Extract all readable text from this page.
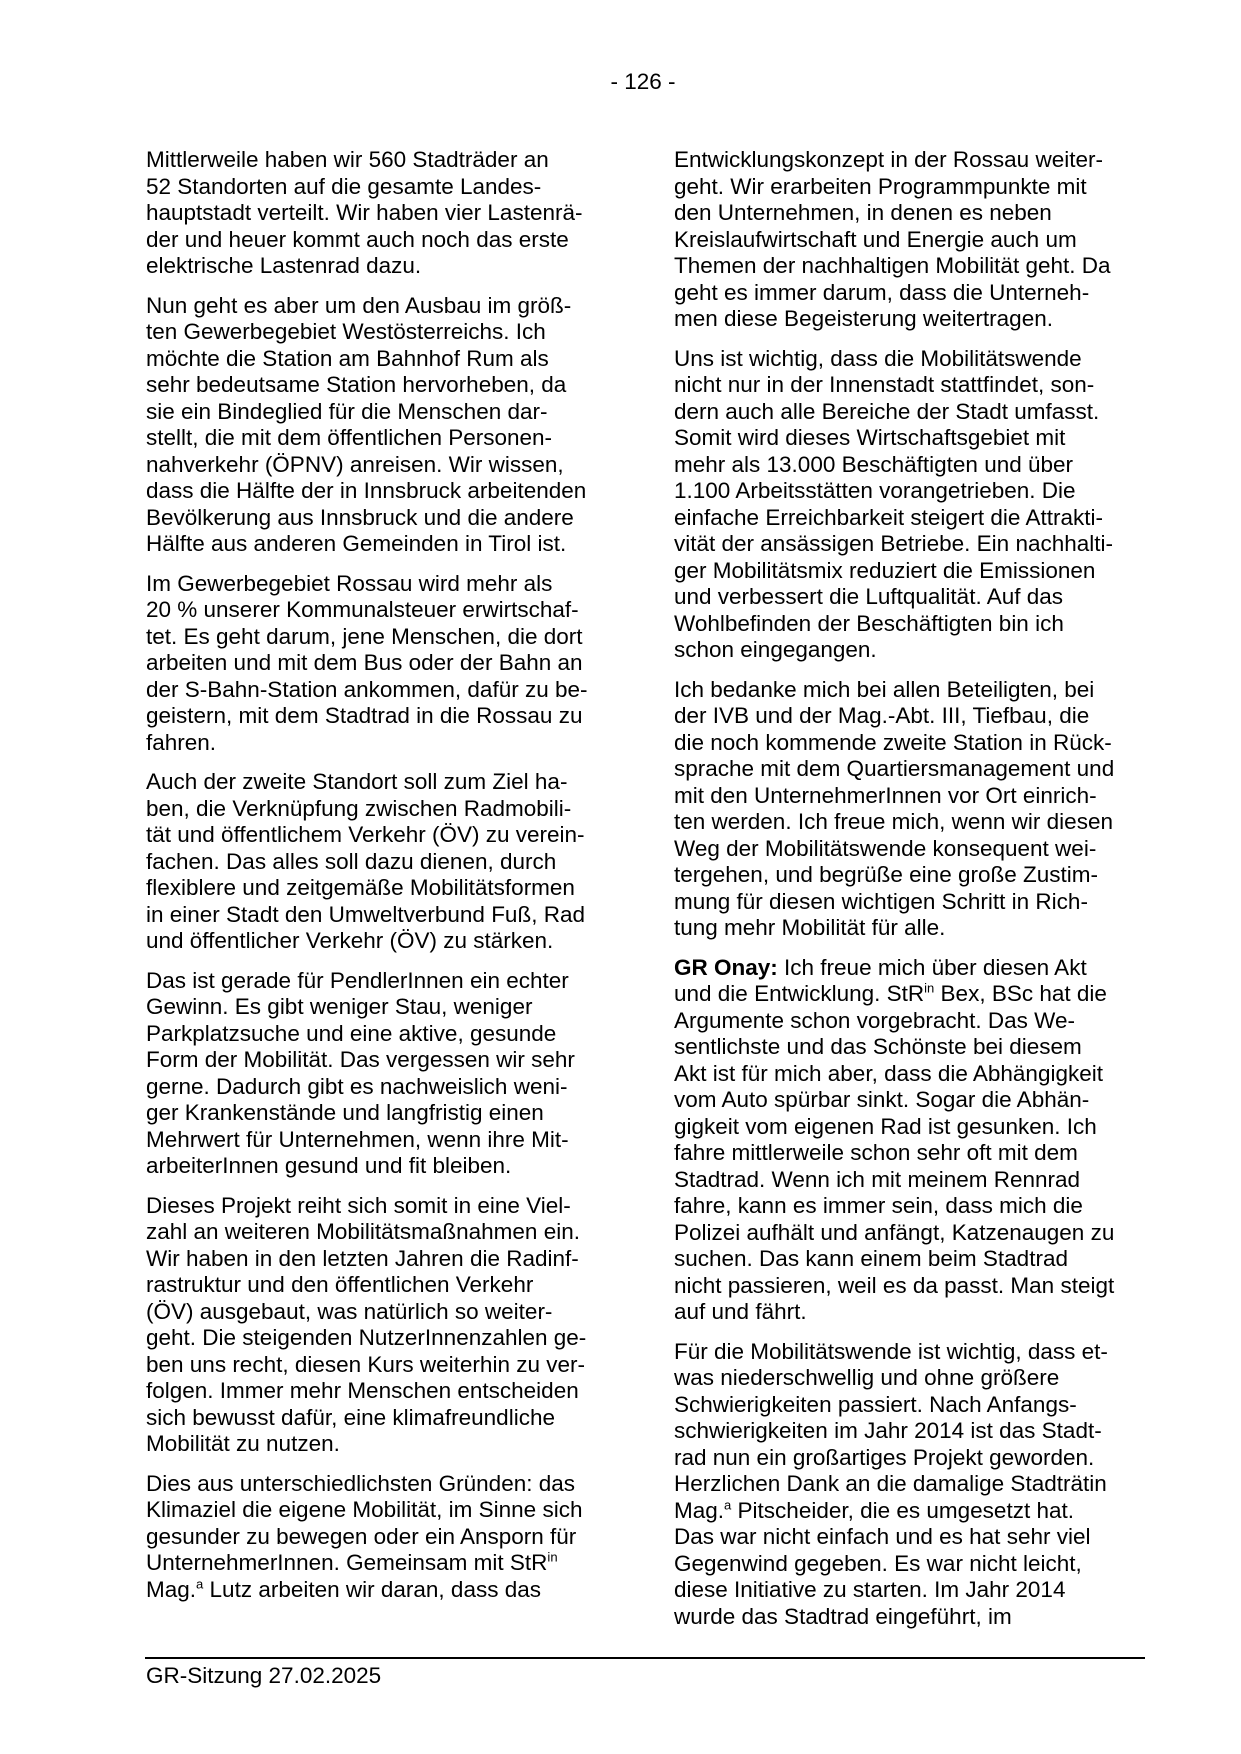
- 126 -

Mittlerweile haben wir 560 Stadträder an
52 Standorten auf die gesamte Landes-
hauptstadt verteilt. Wir haben vier Lastenrä-
der und heuer kommt auch noch das erste
elektrische Lastenrad dazu.

Nun geht es aber um den Ausbau im größ-
ten Gewerbegebiet Westösterreichs. Ich
möchte die Station am Bahnhof Rum als
sehr bedeutsame Station hervorheben, da
sie ein Bindeglied für die Menschen dar-
stellt, die mit dem öffentlichen Personen-
nahverkehr (ÖPNV) anreisen. Wir wissen,
dass die Hälfte der in Innsbruck arbeitenden
Bevölkerung aus Innsbruck und die andere
Hälfte aus anderen Gemeinden in Tirol ist.

Im Gewerbegebiet Rossau wird mehr als
20 % unserer Kommunalsteuer erwirtschaf-
tet. Es geht darum, jene Menschen, die dort
arbeiten und mit dem Bus oder der Bahn an
der S-Bahn-Station ankommen, dafür zu be-
geistern, mit dem Stadtrad in die Rossau zu
fahren.

Auch der zweite Standort soll zum Ziel ha-
ben, die Verknüpfung zwischen Radmobili-
tät und öffentlichem Verkehr (ÖV) zu verein-
fachen. Das alles soll dazu dienen, durch
flexiblere und zeitgemäße Mobilitätsformen
in einer Stadt den Umweltverbund Fuß, Rad
und öffentlicher Verkehr (ÖV) zu stärken.

Das ist gerade für PendlerInnen ein echter
Gewinn. Es gibt weniger Stau, weniger
Parkplatzsuche und eine aktive, gesunde
Form der Mobilität. Das vergessen wir sehr
gerne. Dadurch gibt es nachweislich weni-
ger Krankenstände und langfristig einen
Mehrwert für Unternehmen, wenn ihre Mit-
arbeiterInnen gesund und fit bleiben.

Dieses Projekt reiht sich somit in eine Viel-
zahl an weiteren Mobilitätsmaßnahmen ein.
Wir haben in den letzten Jahren die Radinf-
rastruktur und den öffentlichen Verkehr
(ÖV) ausgebaut, was natürlich so weiter-
geht. Die steigenden NutzerInnenzahlen ge-
ben uns recht, diesen Kurs weiterhin zu ver-
folgen. Immer mehr Menschen entscheiden
sich bewusst dafür, eine klimafreundliche
Mobilität zu nutzen.

Dies aus unterschiedlichsten Gründen: das
Klimaziel die eigene Mobilität, im Sinne sich
gesunder zu bewegen oder ein Ansporn für
UnternehmerInnen. Gemeinsam mit StR$^{in}$
Mag.$^a$ Lutz arbeiten wir daran, dass das

Entwicklungskonzept in der Rossau weiter-
geht. Wir erarbeiten Programmpunkte mit
den Unternehmen, in denen es neben
Kreislaufwirtschaft und Energie auch um
Themen der nachhaltigen Mobilität geht. Da
geht es immer darum, dass die Unterneh-
men diese Begeisterung weitertragen.

Uns ist wichtig, dass die Mobilitätswende
nicht nur in der Innenstadt stattfindet, son-
dern auch alle Bereiche der Stadt umfasst.
Somit wird dieses Wirtschaftsgebiet mit
mehr als 13.000 Beschäftigten und über
1.100 Arbeitsstätten vorangetrieben. Die
einfache Erreichbarkeit steigert die Attrakti-
vität der ansässigen Betriebe. Ein nachhalti-
ger Mobilitätsmix reduziert die Emissionen
und verbessert die Luftqualität. Auf das
Wohlbefinden der Beschäftigten bin ich
schon eingegangen.

Ich bedanke mich bei allen Beteiligten, bei
der IVB und der Mag.-Abt. III, Tiefbau, die
die noch kommende zweite Station in Rück-
sprache mit dem Quartiersmanagement und
mit den UnternehmerInnen vor Ort einrich-
ten werden. Ich freue mich, wenn wir diesen
Weg der Mobilitätswende konsequent wei-
tergehen, und begrüße eine große Zustim-
mung für diesen wichtigen Schritt in Rich-
tung mehr Mobilität für alle.

GR Onay: Ich freue mich über diesen Akt
und die Entwicklung. StR$^{in}$ Bex, BSc hat die
Argumente schon vorgebracht. Das We-
sentlichste und das Schönste bei diesem
Akt ist für mich aber, dass die Abhängigkeit
vom Auto spürbar sinkt. Sogar die Abhän-
gigkeit vom eigenen Rad ist gesunken. Ich
fahre mittlerweile schon sehr oft mit dem
Stadtrad. Wenn ich mit meinem Rennrad
fahre, kann es immer sein, dass mich die
Polizei aufhält und anfängt, Katzenaugen zu
suchen. Das kann einem beim Stadtrad
nicht passieren, weil es da passt. Man steigt
auf und fährt.

Für die Mobilitätswende ist wichtig, dass et-
was niederschwellig und ohne größere
Schwierigkeiten passiert. Nach Anfangs-
schwierigkeiten im Jahr 2014 ist das Stadt-
rad nun ein großartiges Projekt geworden.
Herzlichen Dank an die damalige Stadträtin
Mag.$^a$ Pitscheider, die es umgesetzt hat.
Das war nicht einfach und es hat sehr viel
Gegenwind gegeben. Es war nicht leicht,
diese Initiative zu starten. Im Jahr 2014
wurde das Stadtrad eingeführt, im

GR-Sitzung 27.02.2025
